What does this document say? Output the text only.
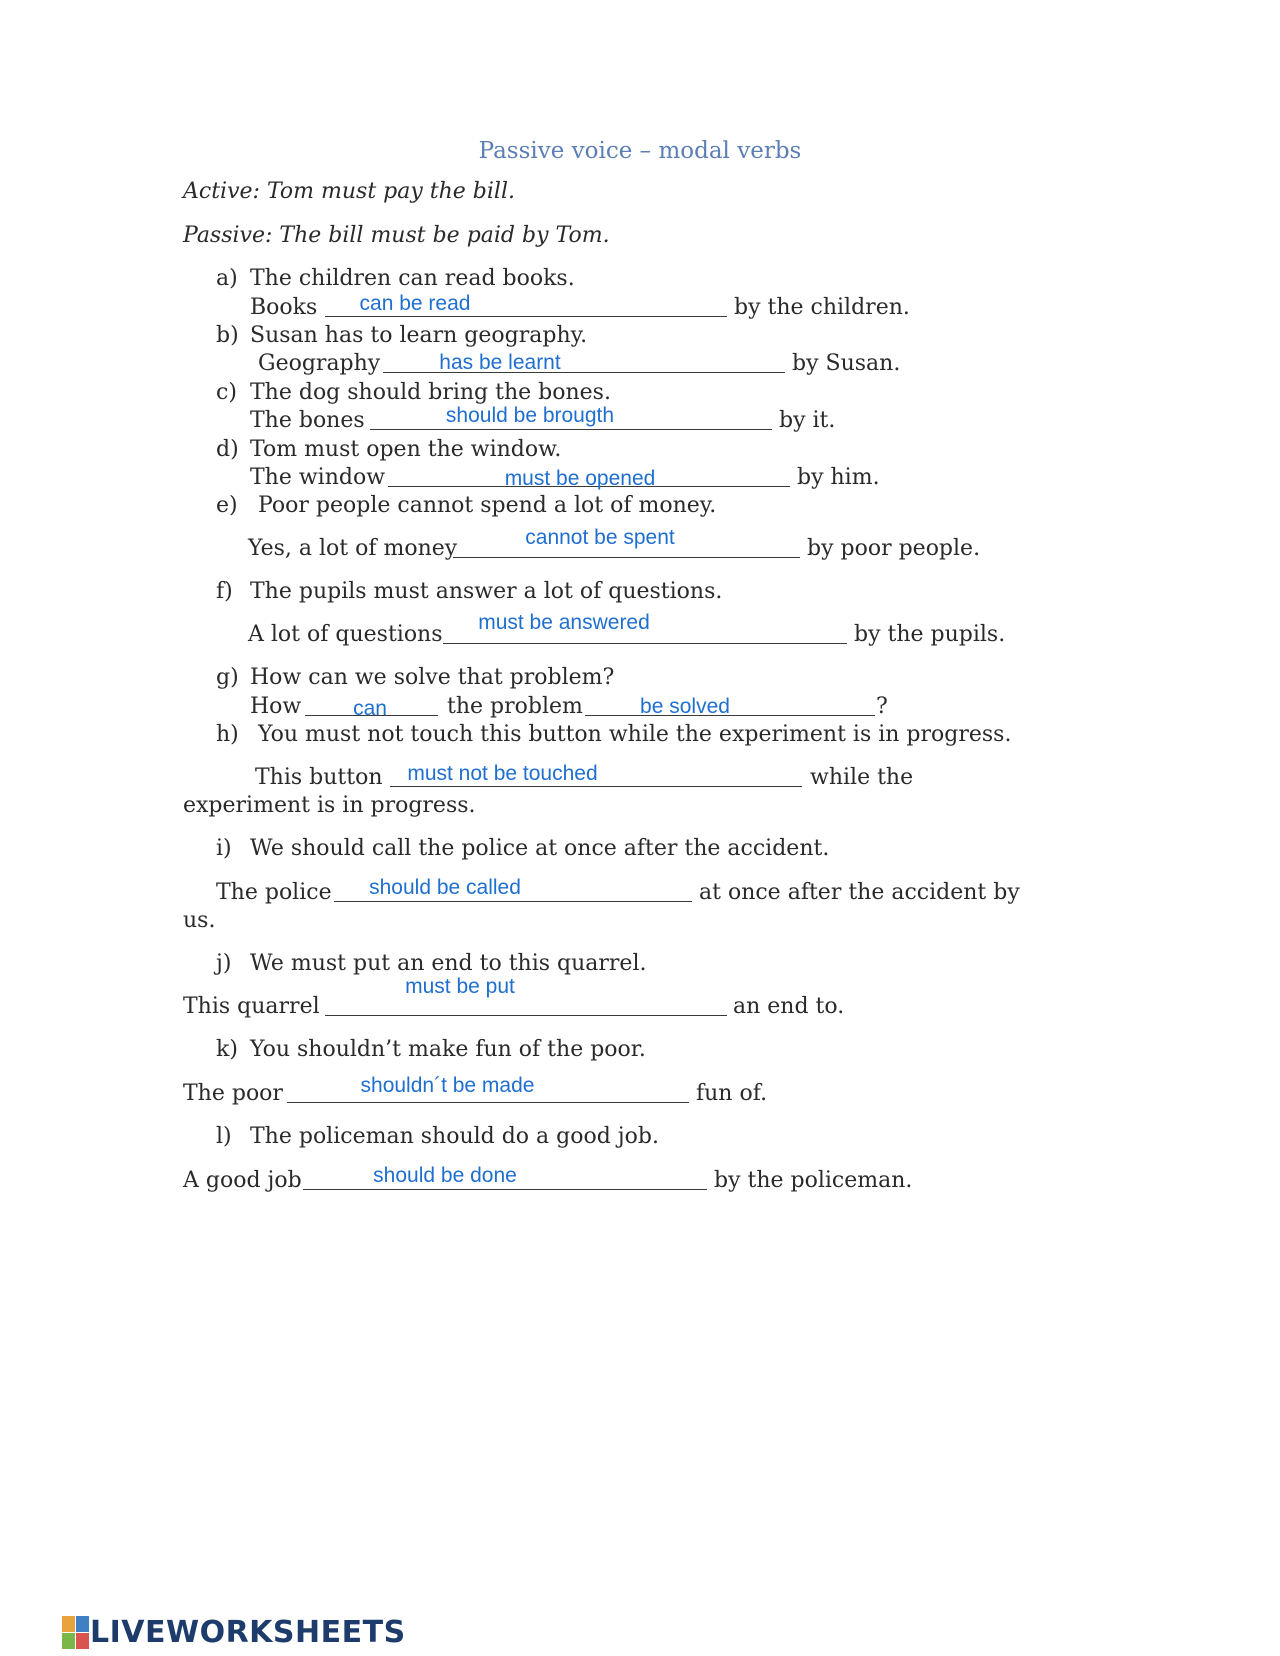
Passive voice – modal verbs
Active: Tom must pay the bill.
Passive: The bill must be paid by Tom.
a) The children can read books.
Books	can be read	by the children.
b) Susan has to learn geography.
Geography	has be learnt	by Susan.
c) The dog should bring the bones.
The bones	should be brougth	by it.
d) Tom must open the window.
The window	must be opened	by him.
e) Poor people cannot spend a lot of money.
Yes, a lot of money	cannot be spent	by poor people.
f) The pupils must answer a lot of questions.
A lot of questions	must be answered	by the pupils.
g) How can we solve that problem?
How	can	the problem	be solved	?
h) You must not touch this button while the experiment is in progress.
This button	must not be touched	while the
experiment is in progress.
i) We should call the police at once after the accident.
The police	should be called	at once after the accident by
us.
j) We must put an end to this quarrel.
This quarrel
must be put
an end to.
k) You shouldn’t make fun of the poor.
The poor	shouldn´t be made	fun of.
l) The policeman should do a good job.
A good job	should be done	by the policeman.
LIVEWORKSHEETS
